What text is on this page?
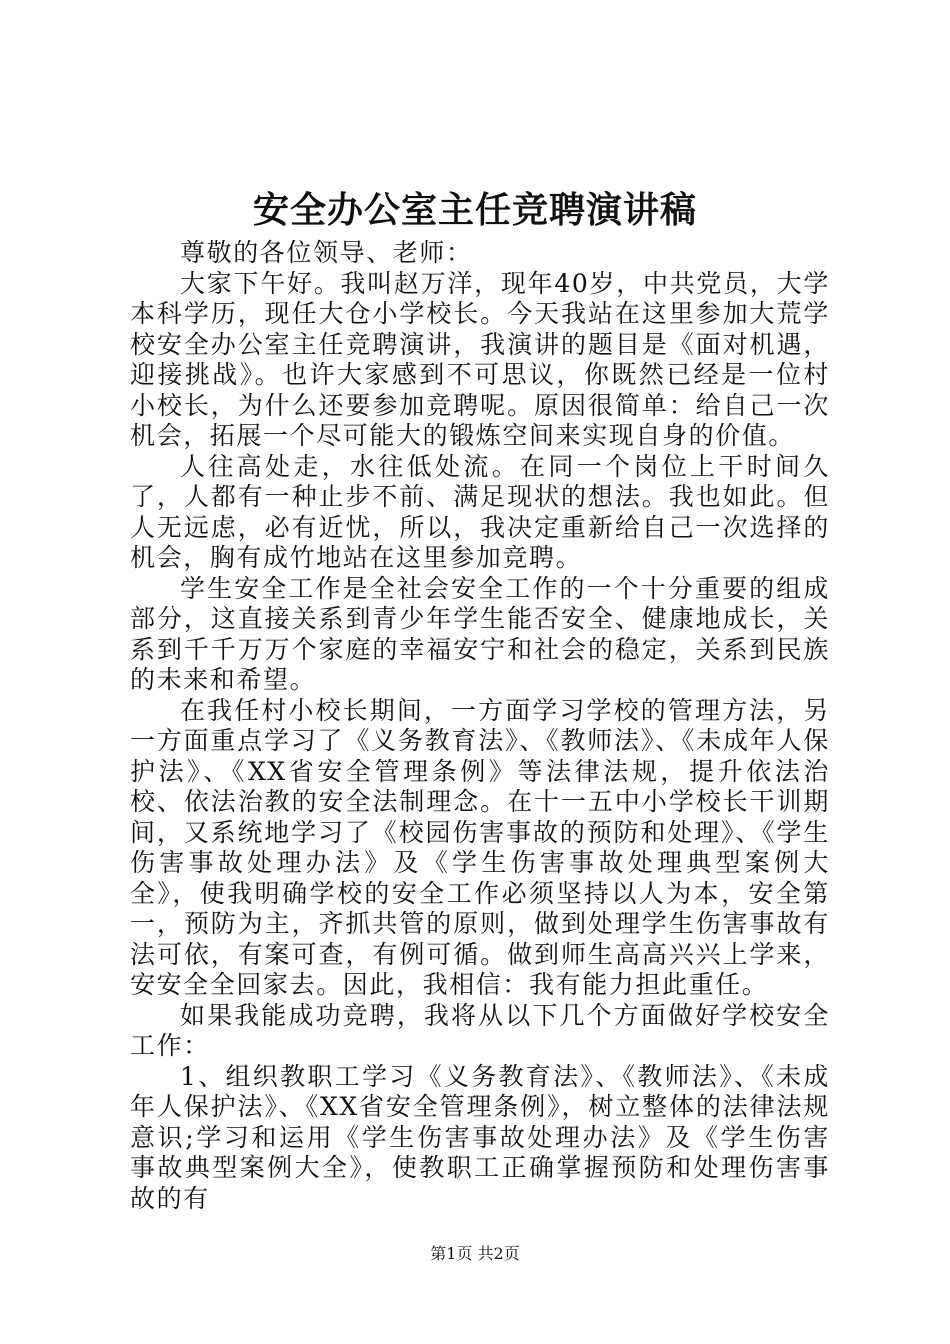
安全办公室主任竞聘演讲稿

尊敬的各位领导、老师：

大家下午好。我叫赵万洋，现年40岁，中共党员，大学本科学历，现任大仓小学校长。今天我站在这里参加大荒学校安全办公室主任竞聘演讲，我演讲的题目是《面对机遇，迎接挑战》。也许大家感到不可思议，你既然已经是一位村小校长，为什么还要参加竞聘呢。原因很简单：给自己一次机会，拓展一个尽可能大的锻炼空间来实现自身的价值。

人往高处走，水往低处流。在同一个岗位上干时间久了，人都有一种止步不前、满足现状的想法。我也如此。但人无远虑，必有近忧，所以，我决定重新给自己一次选择的机会，胸有成竹地站在这里参加竞聘。

学生安全工作是全社会安全工作的一个十分重要的组成部分，这直接关系到青少年学生能否安全、健康地成长，关系到千千万万个家庭的幸福安宁和社会的稳定，关系到民族的未来和希望。

在我任村小校长期间，一方面学习学校的管理方法，另一方面重点学习了《义务教育法》、《教师法》、《未成年人保护法》、《XX省安全管理条例》等法律法规，提升依法治校、依法治教的安全法制理念。在十一五中小学校长干训期间，又系统地学习了《校园伤害事故的预防和处理》、《学生伤害事故处理办法》及《学生伤害事故处理典型案例大全》，使我明确学校的安全工作必须坚持以人为本，安全第一，预防为主，齐抓共管的原则，做到处理学生伤害事故有法可依，有案可查，有例可循。做到师生高高兴兴上学来，安安全全回家去。因此，我相信：我有能力担此重任。

如果我能成功竞聘，我将从以下几个方面做好学校安全工作：

1、组织教职工学习《义务教育法》、《教师法》、《未成年人保护法》、《XX省安全管理条例》，树立整体的法律法规意识;学习和运用《学生伤害事故处理办法》及《学生伤害事故典型案例大全》，使教职工正确掌握预防和处理伤害事故的有

第1页 共2页
